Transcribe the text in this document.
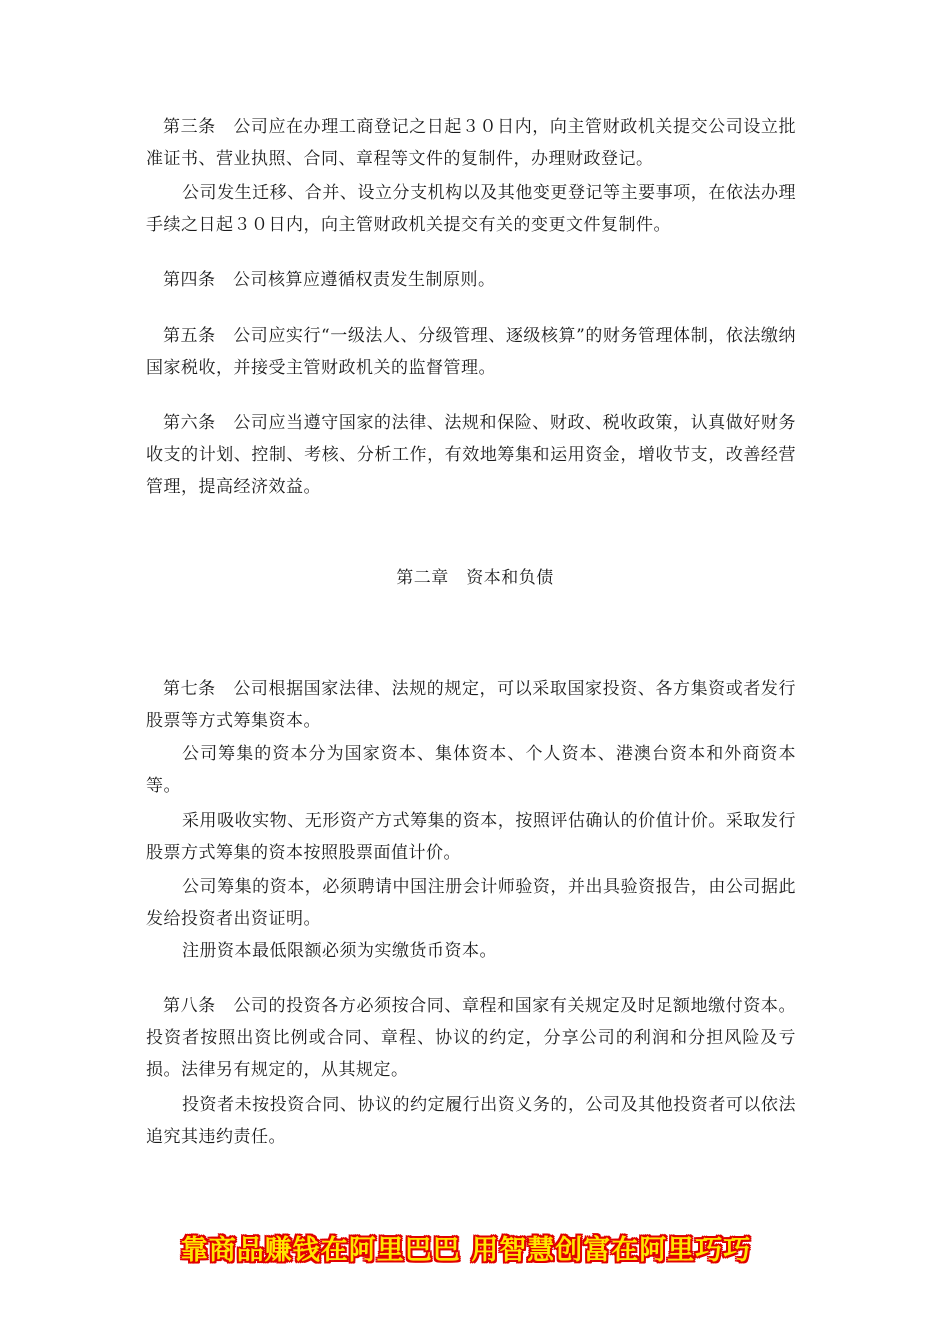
第三条　公司应在办理工商登记之日起３０日内，向主管财政机关提交公司设立批准证书、营业执照、合同、章程等文件的复制件，办理财政登记。

公司发生迁移、合并、设立分支机构以及其他变更登记等主要事项，在依法办理手续之日起３０日内，向主管财政机关提交有关的变更文件复制件。

第四条　公司核算应遵循权责发生制原则。

第五条　公司应实行“一级法人、分级管理、逐级核算”的财务管理体制，依法缴纳国家税收，并接受主管财政机关的监督管理。

第六条　公司应当遵守国家的法律、法规和保险、财政、税收政策，认真做好财务收支的计划、控制、考核、分析工作，有效地筹集和运用资金，增收节支，改善经营管理，提高经济效益。

第二章　资本和负债

第七条　公司根据国家法律、法规的规定，可以采取国家投资、各方集资或者发行股票等方式筹集资本。

公司筹集的资本分为国家资本、集体资本、个人资本、港澳台资本和外商资本等。

采用吸收实物、无形资产方式筹集的资本，按照评估确认的价值计价。采取发行股票方式筹集的资本按照股票面值计价。

公司筹集的资本，必须聘请中国注册会计师验资，并出具验资报告，由公司据此发给投资者出资证明。

注册资本最低限额必须为实缴货币资本。

第八条　公司的投资各方必须按合同、章程和国家有关规定及时足额地缴付资本。投资者按照出资比例或合同、章程、协议的约定，分享公司的利润和分担风险及亏损。法律另有规定的，从其规定。

投资者未按投资合同、协议的约定履行出资义务的，公司及其他投资者可以依法追究其违约责任。

靠商品赚钱在阿里巴巴 用智慧创富在阿里巧巧
